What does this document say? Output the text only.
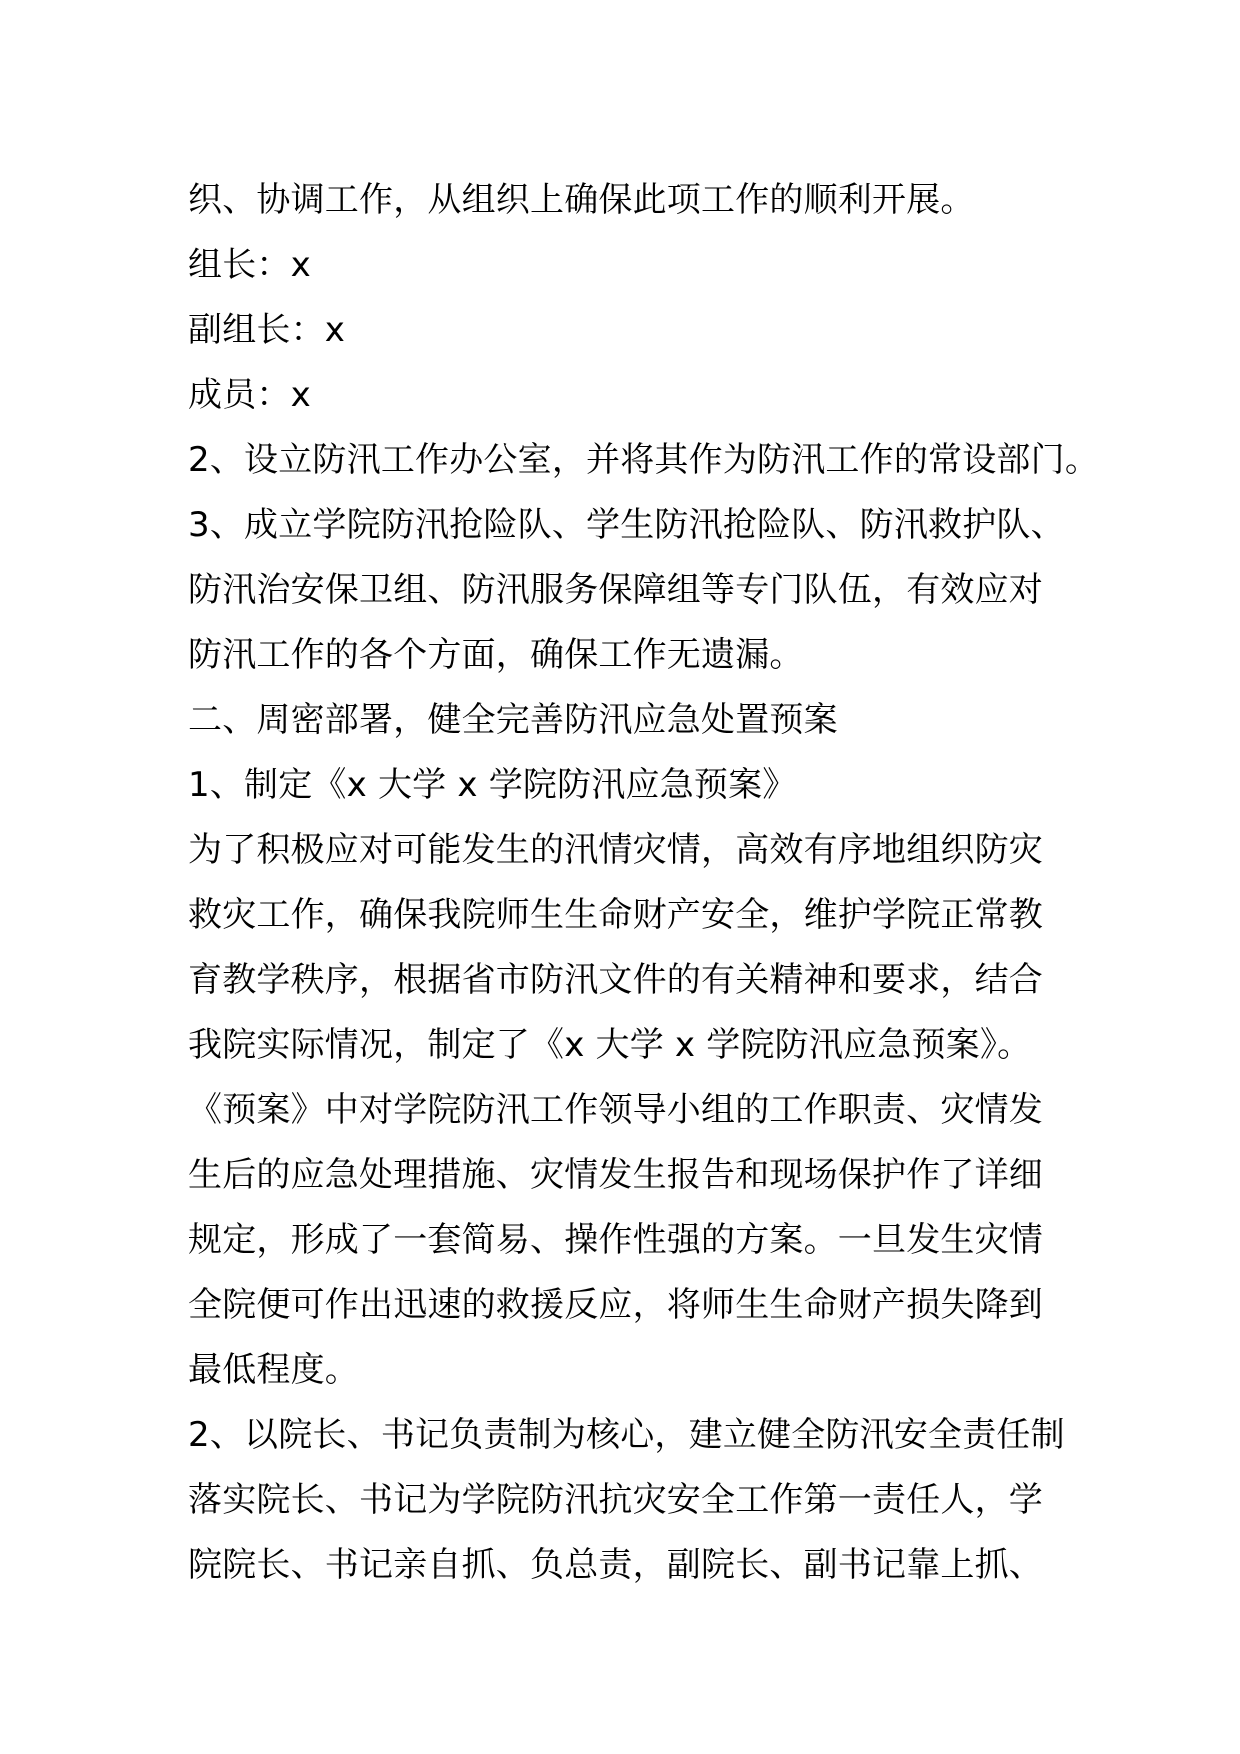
织、协调工作，从组织上确保此项工作的顺利开展。
组长：x
副组长：x
成员：x
2、设立防汛工作办公室，并将其作为防汛工作的常设部门。
3、成立学院防汛抢险队、学生防汛抢险队、防汛救护队、
防汛治安保卫组、防汛服务保障组等专门队伍，有效应对
防汛工作的各个方面，确保工作无遗漏。
二、周密部署，健全完善防汛应急处置预案
1、制定《x 大学 x 学院防汛应急预案》
为了积极应对可能发生的汛情灾情，高效有序地组织防灾
救灾工作，确保我院师生生命财产安全，维护学院正常教
育教学秩序，根据省市防汛文件的有关精神和要求，结合
我院实际情况，制定了《x 大学 x 学院防汛应急预案》。
《预案》中对学院防汛工作领导小组的工作职责、灾情发
生后的应急处理措施、灾情发生报告和现场保护作了详细
规定，形成了一套简易、操作性强的方案。一旦发生灾情
全院便可作出迅速的救援反应，将师生生命财产损失降到
最低程度。
2、以院长、书记负责制为核心，建立健全防汛安全责任制
落实院长、书记为学院防汛抗灾安全工作第一责任人，学
院院长、书记亲自抓、负总责，副院长、副书记靠上抓、
